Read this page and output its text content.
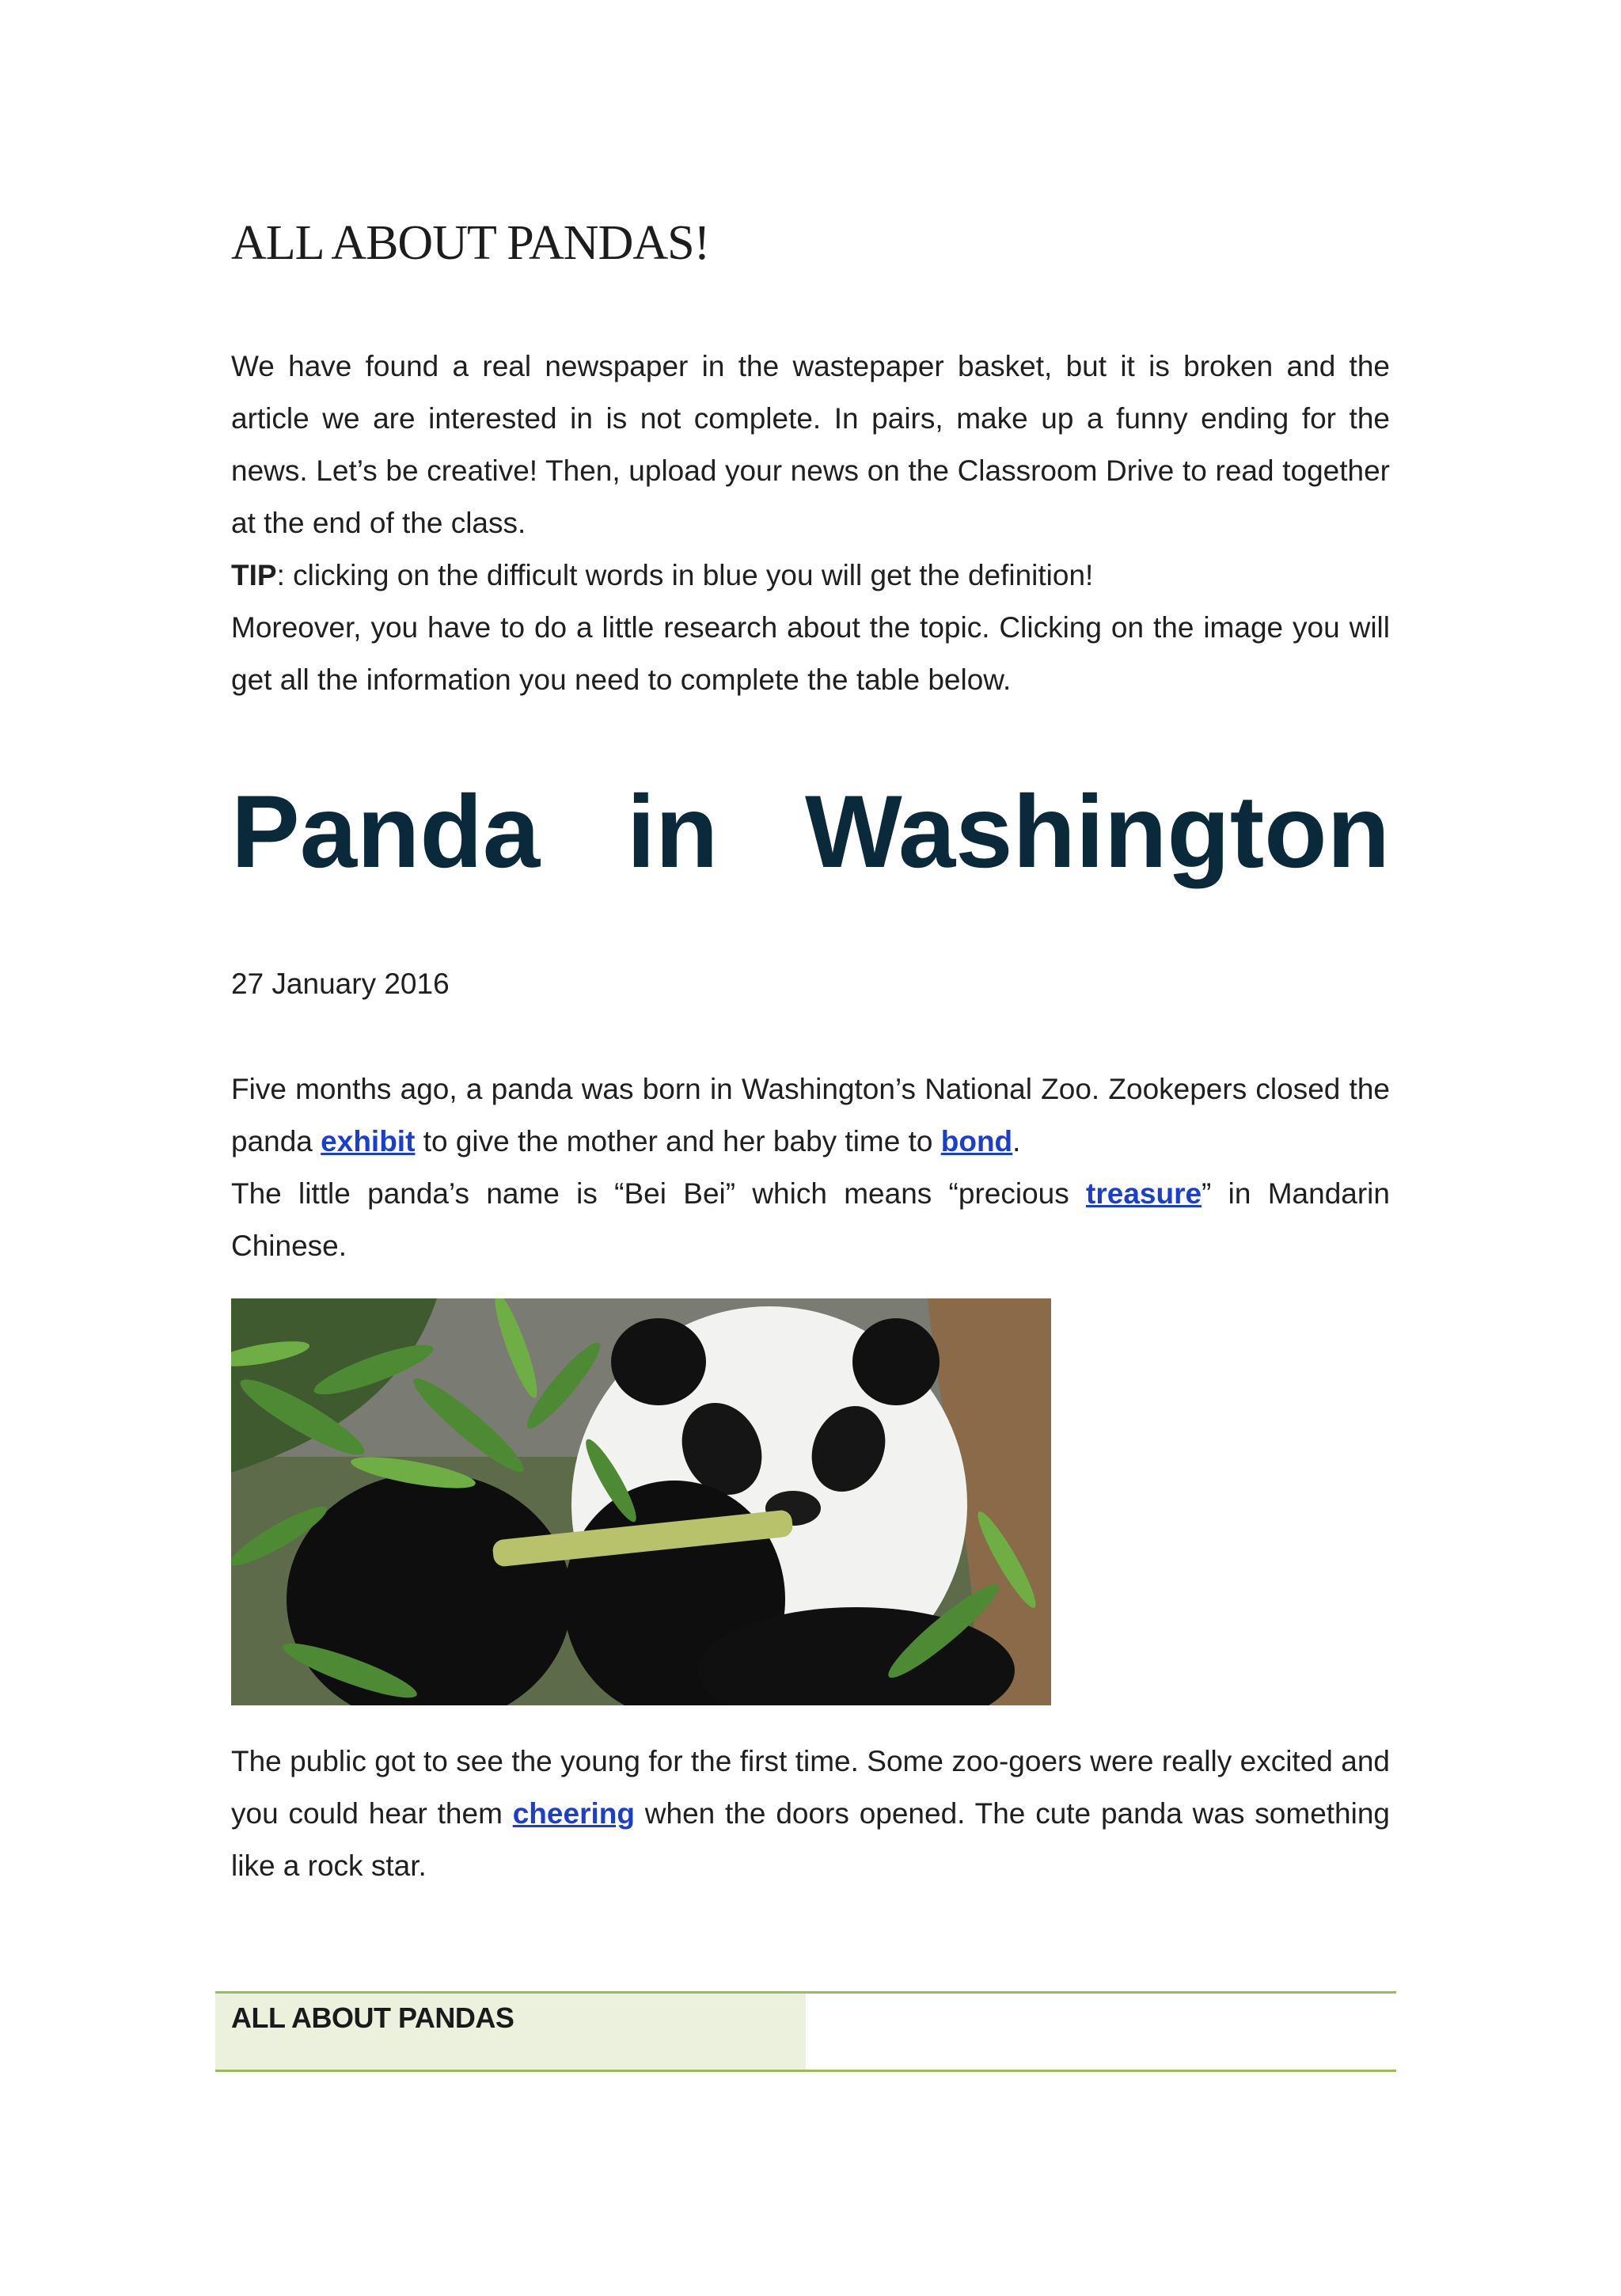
ALL ABOUT PANDAS!

We have found a real newspaper in the wastepaper basket, but it is broken and the article we are interested in is not complete. In pairs, make up a funny ending for the news. Let’s be creative! Then, upload your news on the Classroom Drive to read together at the end of the class.

TIP: clicking on the difficult words in blue you will get the definition!

Moreover, you have to do a little research about the topic. Clicking on the image you will get all the information you need to complete the table below.

Panda in Washington

27 January 2016

Five months ago, a panda was born in Washington’s National Zoo. Zookepers closed the panda exhibit to give the mother and her baby time to bond.

The little panda’s name is “Bei Bei” which means “precious treasure” in Mandarin Chinese.

The public got to see the young for the first time. Some zoo-goers were really excited and you could hear them cheering when the doors opened. The cute panda was something like a rock star.

ALL ABOUT PANDAS
